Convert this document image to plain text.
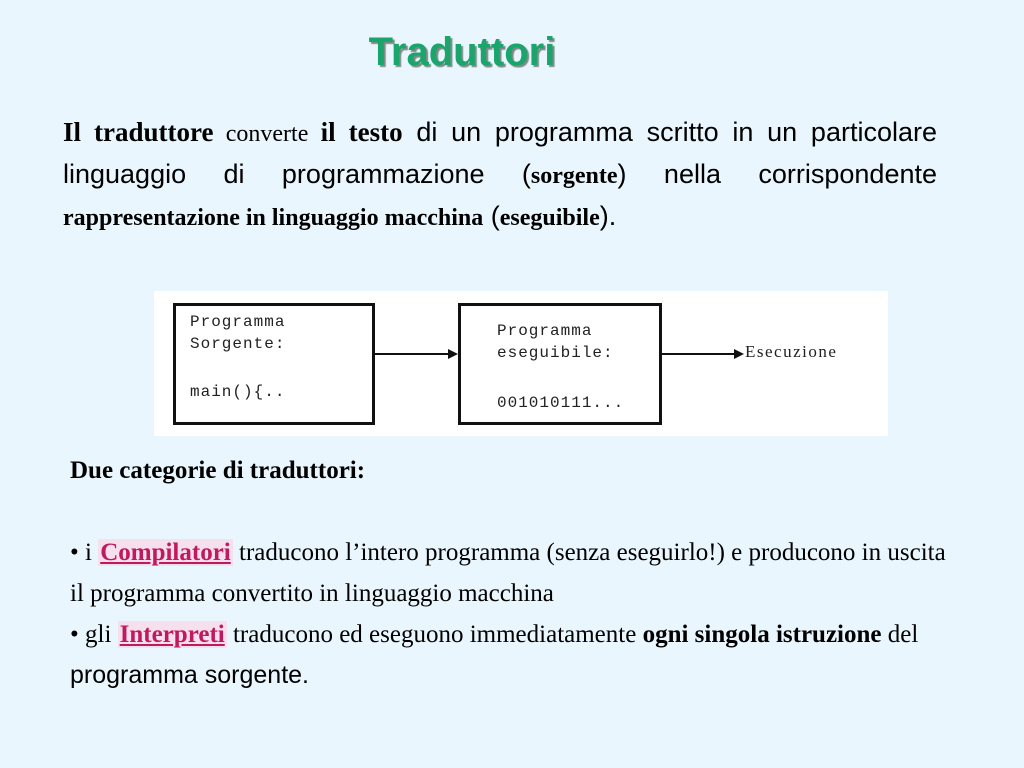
Traduttori
Il traduttore converte il testo di un programma scritto in un particolare linguaggio di programmazione (sorgente) nella corrispondente rappresentazione in linguaggio macchina (eseguibile).
Programma
Sorgente:
main(){..
Programma
eseguibile:
001010111...
Esecuzione
Due categorie di traduttori:
• i Compilatori traducono l’intero programma (senza eseguirlo!) e producono in uscita il programma convertito in linguaggio macchina
• gli Interpreti traducono ed eseguono immediatamente ogni singola istruzione del programma sorgente.
